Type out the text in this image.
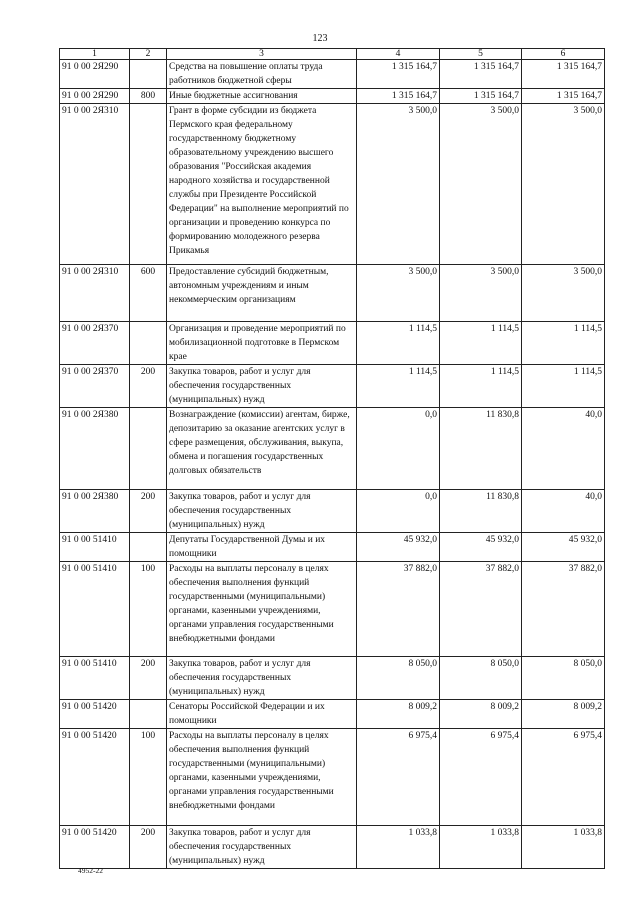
123
1	2	3	4	5	6
91 0 00 2Я290		Средства на повышение оплаты труда работников бюджетной сферы	1 315 164,7	1 315 164,7	1 315 164,7
91 0 00 2Я290	800	Иные бюджетные ассигнования	1 315 164,7	1 315 164,7	1 315 164,7
91 0 00 2Я310		Грант в форме субсидии из бюджета Пермского края федеральному государственному бюджетному образовательному учреждению высшего образования "Российская академия народного хозяйства и государственной службы при Президенте Российской Федерации" на выполнение мероприятий по организации и проведению конкурса по формированию молодежного резерва Прикамья	3 500,0	3 500,0	3 500,0
91 0 00 2Я310	600	Предоставление субсидий бюджетным, автономным учреждениям и иным некоммерческим организациям	3 500,0	3 500,0	3 500,0
91 0 00 2Я370		Организация и проведение мероприятий по мобилизационной подготовке в Пермском крае	1 114,5	1 114,5	1 114,5
91 0 00 2Я370	200	Закупка товаров, работ и услуг для обеспечения государственных (муниципальных) нужд	1 114,5	1 114,5	1 114,5
91 0 00 2Я380		Вознаграждение (комиссии) агентам, бирже, депозитарию за оказание агентских услуг в сфере размещения, обслуживания, выкупа, обмена и погашения государственных долговых обязательств	0,0	11 830,8	40,0
91 0 00 2Я380	200	Закупка товаров, работ и услуг для обеспечения государственных (муниципальных) нужд	0,0	11 830,8	40,0
91 0 00 51410		Депутаты Государственной Думы и их помощники	45 932,0	45 932,0	45 932,0
91 0 00 51410	100	Расходы на выплаты персоналу в целях обеспечения выполнения функций государственными (муниципальными) органами, казенными учреждениями, органами управления государственными внебюджетными фондами	37 882,0	37 882,0	37 882,0
91 0 00 51410	200	Закупка товаров, работ и услуг для обеспечения государственных (муниципальных) нужд	8 050,0	8 050,0	8 050,0
91 0 00 51420		Сенаторы Российской Федерации и их помощники	8 009,2	8 009,2	8 009,2
91 0 00 51420	100	Расходы на выплаты персоналу в целях обеспечения выполнения функций государственными (муниципальными) органами, казенными учреждениями, органами управления государственными внебюджетными фондами	6 975,4	6 975,4	6 975,4
91 0 00 51420	200	Закупка товаров, работ и услуг для обеспечения государственных (муниципальных) нужд	1 033,8	1 033,8	1 033,8
4952-22
